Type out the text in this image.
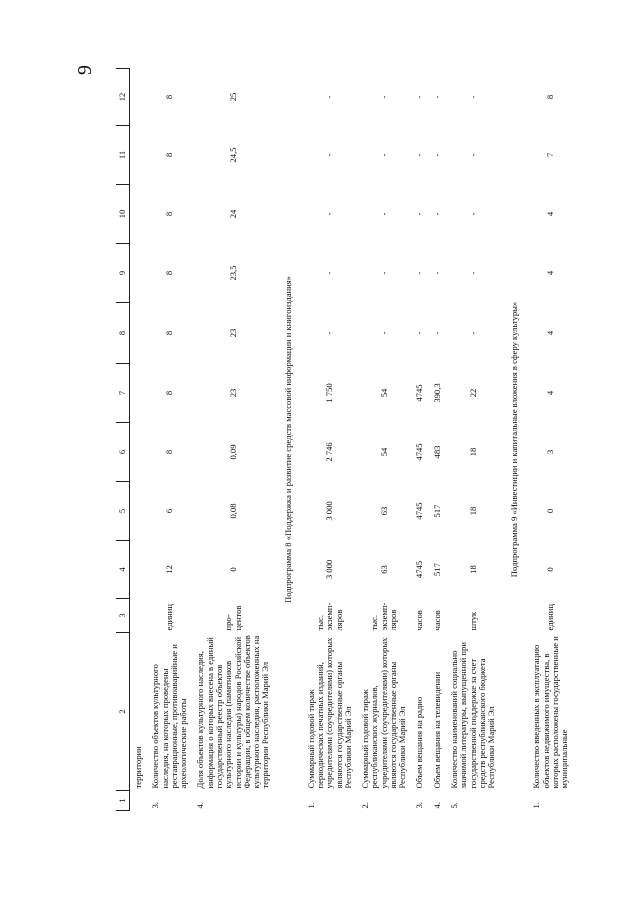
9
1	2	3	4	5	6	7	8	9	10	11	12
	территории										
3.	Количество объектов культурного наследия, на которых проведены реставрационные, противоаварийные и археологические работы	единиц	12	6	8	8	8	8	8	8	8
4.	Доля объектов культурного наследия, информация о которых внесена в единый государственный реестр объектов культурного наследия (памятников истории и культуры) народов Российской Федерации, в общем количестве объектов культурного наследия, расположенных на территории Республики Марий Эл	про-центов	0	0,08	0,09	23	23	23,5	24	24,5	25
Подпрограмма 8 «Поддержка и развитие средств массовой информации и книгоиздания»											
1.	Суммарный годовой тираж периодических печатных изданий, учредителями (соучредителями) которых являются государственные органы Республики Марий Эл	тыс. экземп-ляров	3 000	3 000	2 746	1 750	-	-	-	-	-
2.	Суммарный годовой тираж республиканских журналов, учредителями (соучредителями) которых являются государственные органы Республики Марий Эл	тыс. экземп-ляров	63	63	54	54	-	-	-	-	-
3.	Объем вещания на радио	часов	4745	4745	4745	4745	-	-	-	-	-
4.	Объем вещания на телевидении	часов	517	517	483	390,3	-	-	-	-	-
5.	Количество наименований социально значимой литературы, выпущенной при государственной поддержке за счет средств республиканского бюджета Республики Марий Эл	штук	18	18	18	22	-	-	-	-	-
Подпрограмма 9 «Инвестиции и капитальные вложения в сферу культуры»											
1.	Количество введенных в эксплуатацию объектов недвижимого имущества, в которых расположены государственные и муниципальные	единиц	0	0	3	4	4	4	4	7	8
